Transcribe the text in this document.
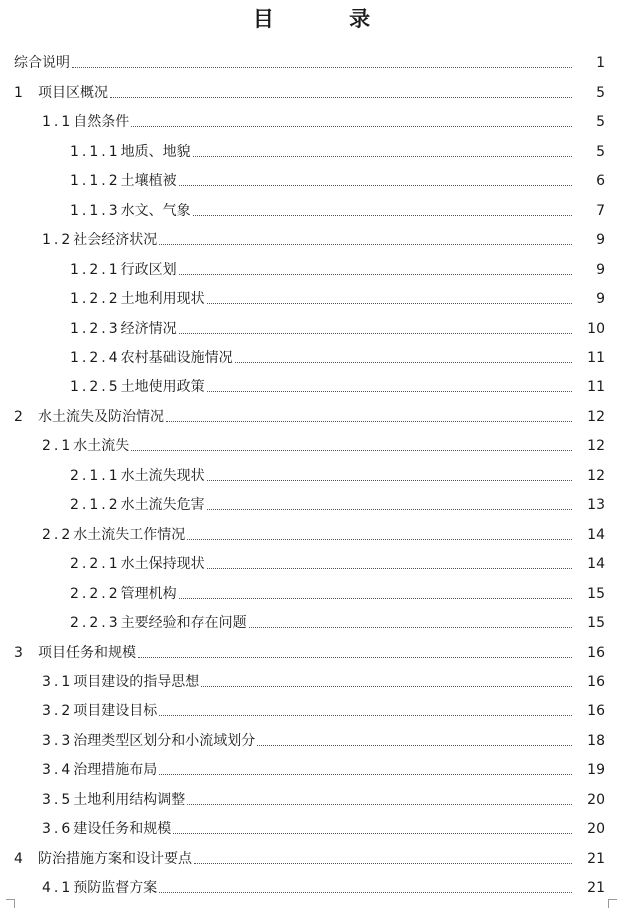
目 录
综合说明	1
1	项目区概况	5
1.1 自然条件	5
1.1.1 地质、地貌	5
1.1.2 土壤植被	6
1.1.3 水文、气象	7
1.2 社会经济状况	9
1.2.1 行政区划	9
1.2.2 土地利用现状	9
1.2.3 经济情况	10
1.2.4 农村基础设施情况	11
1.2.5 土地使用政策	11
2	水土流失及防治情况	12
2.1 水土流失	12
2.1.1 水土流失现状	12
2.1.2 水土流失危害	13
2.2 水土流失工作情况	14
2.2.1 水土保持现状	14
2.2.2 管理机构	15
2.2.3 主要经验和存在问题	15
3	项目任务和规模	16
3.1 项目建设的指导思想	16
3.2 项目建设目标	16
3.3 治理类型区划分和小流域划分	18
3.4 治理措施布局	19
3.5 土地利用结构调整	20
3.6 建设任务和规模	20
4	防治措施方案和设计要点	21
4.1 预防监督方案	21
